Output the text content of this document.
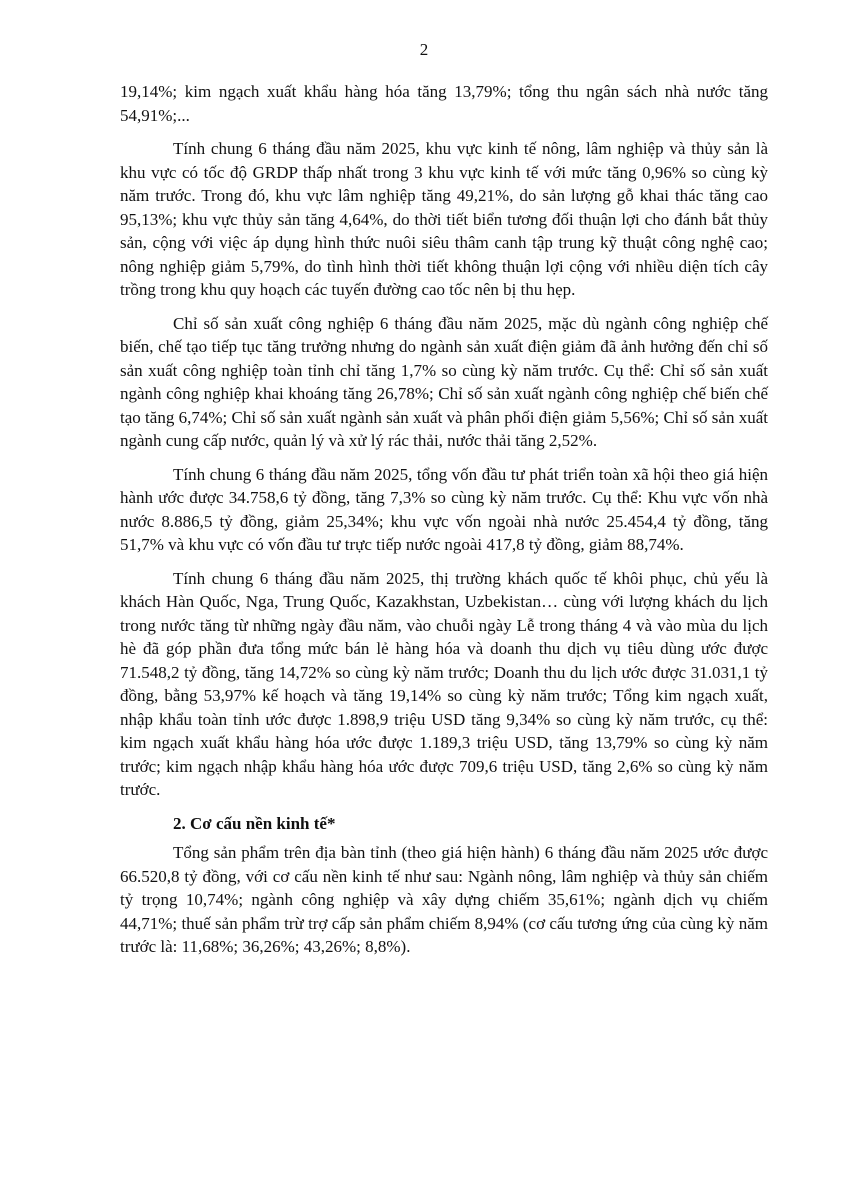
2

19,14%; kim ngạch xuất khẩu hàng hóa tăng 13,79%; tổng thu ngân sách nhà nước tăng 54,91%;...

Tính chung 6 tháng đầu năm 2025, khu vực kinh tế nông, lâm nghiệp và thủy sản là khu vực có tốc độ GRDP thấp nhất trong 3 khu vực kinh tế với mức tăng 0,96% so cùng kỳ năm trước. Trong đó, khu vực lâm nghiệp tăng 49,21%, do sản lượng gỗ khai thác tăng cao 95,13%; khu vực thủy sản tăng 4,64%, do thời tiết biển tương đối thuận lợi cho đánh bắt thủy sản, cộng với việc áp dụng hình thức nuôi siêu thâm canh tập trung kỹ thuật công nghệ cao; nông nghiệp giảm 5,79%, do tình hình thời tiết không thuận lợi cộng với nhiều diện tích cây trồng trong khu quy hoạch các tuyến đường cao tốc nên bị thu hẹp.

Chỉ số sản xuất công nghiệp 6 tháng đầu năm 2025, mặc dù ngành công nghiệp chế biến, chế tạo tiếp tục tăng trưởng nhưng do ngành sản xuất điện giảm đã ảnh hưởng đến chỉ số sản xuất công nghiệp toàn tỉnh chỉ tăng 1,7% so cùng kỳ năm trước. Cụ thể: Chỉ số sản xuất ngành công nghiệp khai khoáng tăng 26,78%; Chỉ số sản xuất ngành công nghiệp chế biến chế tạo tăng 6,74%; Chỉ số sản xuất ngành sản xuất và phân phối điện giảm 5,56%; Chỉ số sản xuất ngành cung cấp nước, quản lý và xử lý rác thải, nước thải tăng 2,52%.

Tính chung 6 tháng đầu năm 2025, tổng vốn đầu tư phát triển toàn xã hội theo giá hiện hành ước được 34.758,6 tỷ đồng, tăng 7,3% so cùng kỳ năm trước. Cụ thể: Khu vực vốn nhà nước 8.886,5 tỷ đồng, giảm 25,34%; khu vực vốn ngoài nhà nước 25.454,4 tỷ đồng, tăng 51,7% và khu vực có vốn đầu tư trực tiếp nước ngoài 417,8 tỷ đồng, giảm 88,74%.

Tính chung 6 tháng đầu năm 2025, thị trường khách quốc tế khôi phục, chủ yếu là khách Hàn Quốc, Nga, Trung Quốc, Kazakhstan, Uzbekistan… cùng với lượng khách du lịch trong nước tăng từ những ngày đầu năm, vào chuỗi ngày Lễ trong tháng 4 và vào mùa du lịch hè đã góp phần đưa tổng mức bán lẻ hàng hóa và doanh thu dịch vụ tiêu dùng ước được 71.548,2 tỷ đồng, tăng 14,72% so cùng kỳ năm trước; Doanh thu du lịch ước được 31.031,1 tỷ đồng, bằng 53,97% kế hoạch và tăng 19,14% so cùng kỳ năm trước; Tổng kim ngạch xuất, nhập khẩu toàn tỉnh ước được 1.898,9 triệu USD tăng 9,34% so cùng kỳ năm trước, cụ thể: kim ngạch xuất khẩu hàng hóa ước được 1.189,3 triệu USD, tăng 13,79% so cùng kỳ năm trước; kim ngạch nhập khẩu hàng hóa ước được 709,6 triệu USD, tăng 2,6% so cùng kỳ năm trước.

2. Cơ cấu nền kinh tế*

Tổng sản phẩm trên địa bàn tỉnh (theo giá hiện hành) 6 tháng đầu năm 2025 ước được 66.520,8 tỷ đồng, với cơ cấu nền kinh tế như sau: Ngành nông, lâm nghiệp và thủy sản chiếm tỷ trọng 10,74%; ngành công nghiệp và xây dựng chiếm 35,61%; ngành dịch vụ chiếm 44,71%; thuế sản phẩm trừ trợ cấp sản phẩm chiếm 8,94% (cơ cấu tương ứng của cùng kỳ năm trước là: 11,68%; 36,26%; 43,26%; 8,8%).
